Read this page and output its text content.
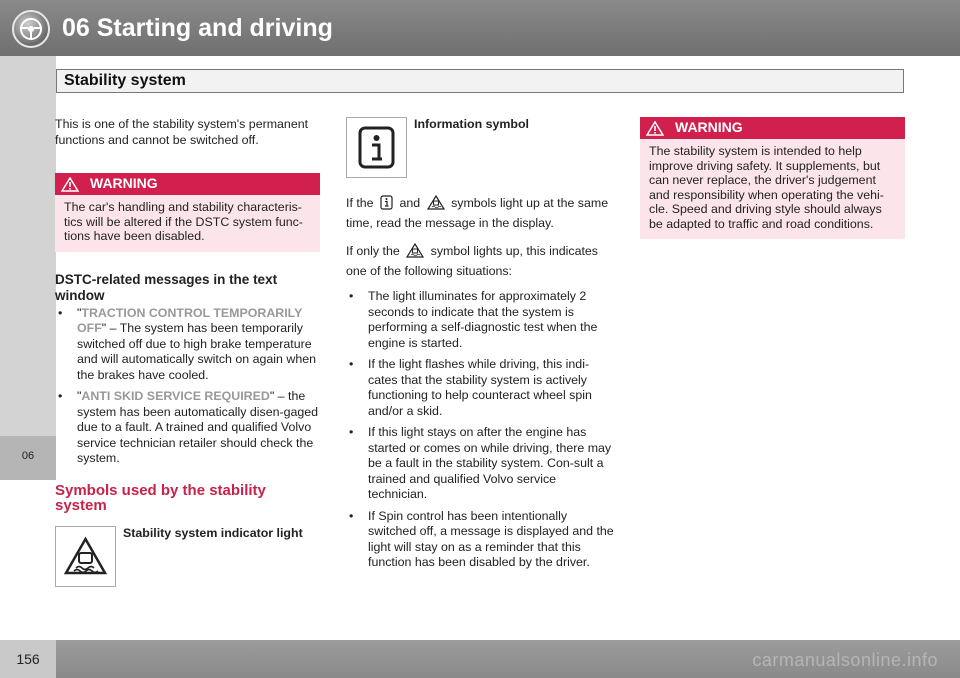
06 Starting and driving
Stability system
06

This is one of the stability system's permanent functions and cannot be switched off.

WARNING
The car's handling and stability characteris-tics will be altered if the DSTC system func-tions have been disabled.
DSTC-related messages in the text window
• "TRACTION CONTROL TEMPORARILY OFF" – The system has been temporarily switched off due to high brake temperature and will automatically switch on again when the brakes have cooled.
• "ANTI SKID SERVICE REQUIRED" – the system has been automatically disen-gaged due to a fault. A trained and qualified Volvo service technician retailer should check the system.
Symbols used by the stability system
Stability system indicator light
Information symbol

If the and symbols light up at the same time, read the message in the display.

If only the symbol lights up, this indicates one of the following situations:

• The light illuminates for approximately 2 seconds to indicate that the system is performing a self-diagnostic test when the engine is started.
• If the light flashes while driving, this indi-cates that the stability system is actively functioning to help counteract wheel spin and/or a skid.
• If this light stays on after the engine has started or comes on while driving, there may be a fault in the stability system. Con-sult a trained and qualified Volvo service technician.
• If Spin control has been intentionally switched off, a message is displayed and the light will stay on as a reminder that this function has been disabled by the driver.
WARNING
The stability system is intended to help improve driving safety. It supplements, but can never replace, the driver's judgement and responsibility when operating the vehi-cle. Speed and driving style should always be adapted to traffic and road conditions.
156	carmanualsonline.info
